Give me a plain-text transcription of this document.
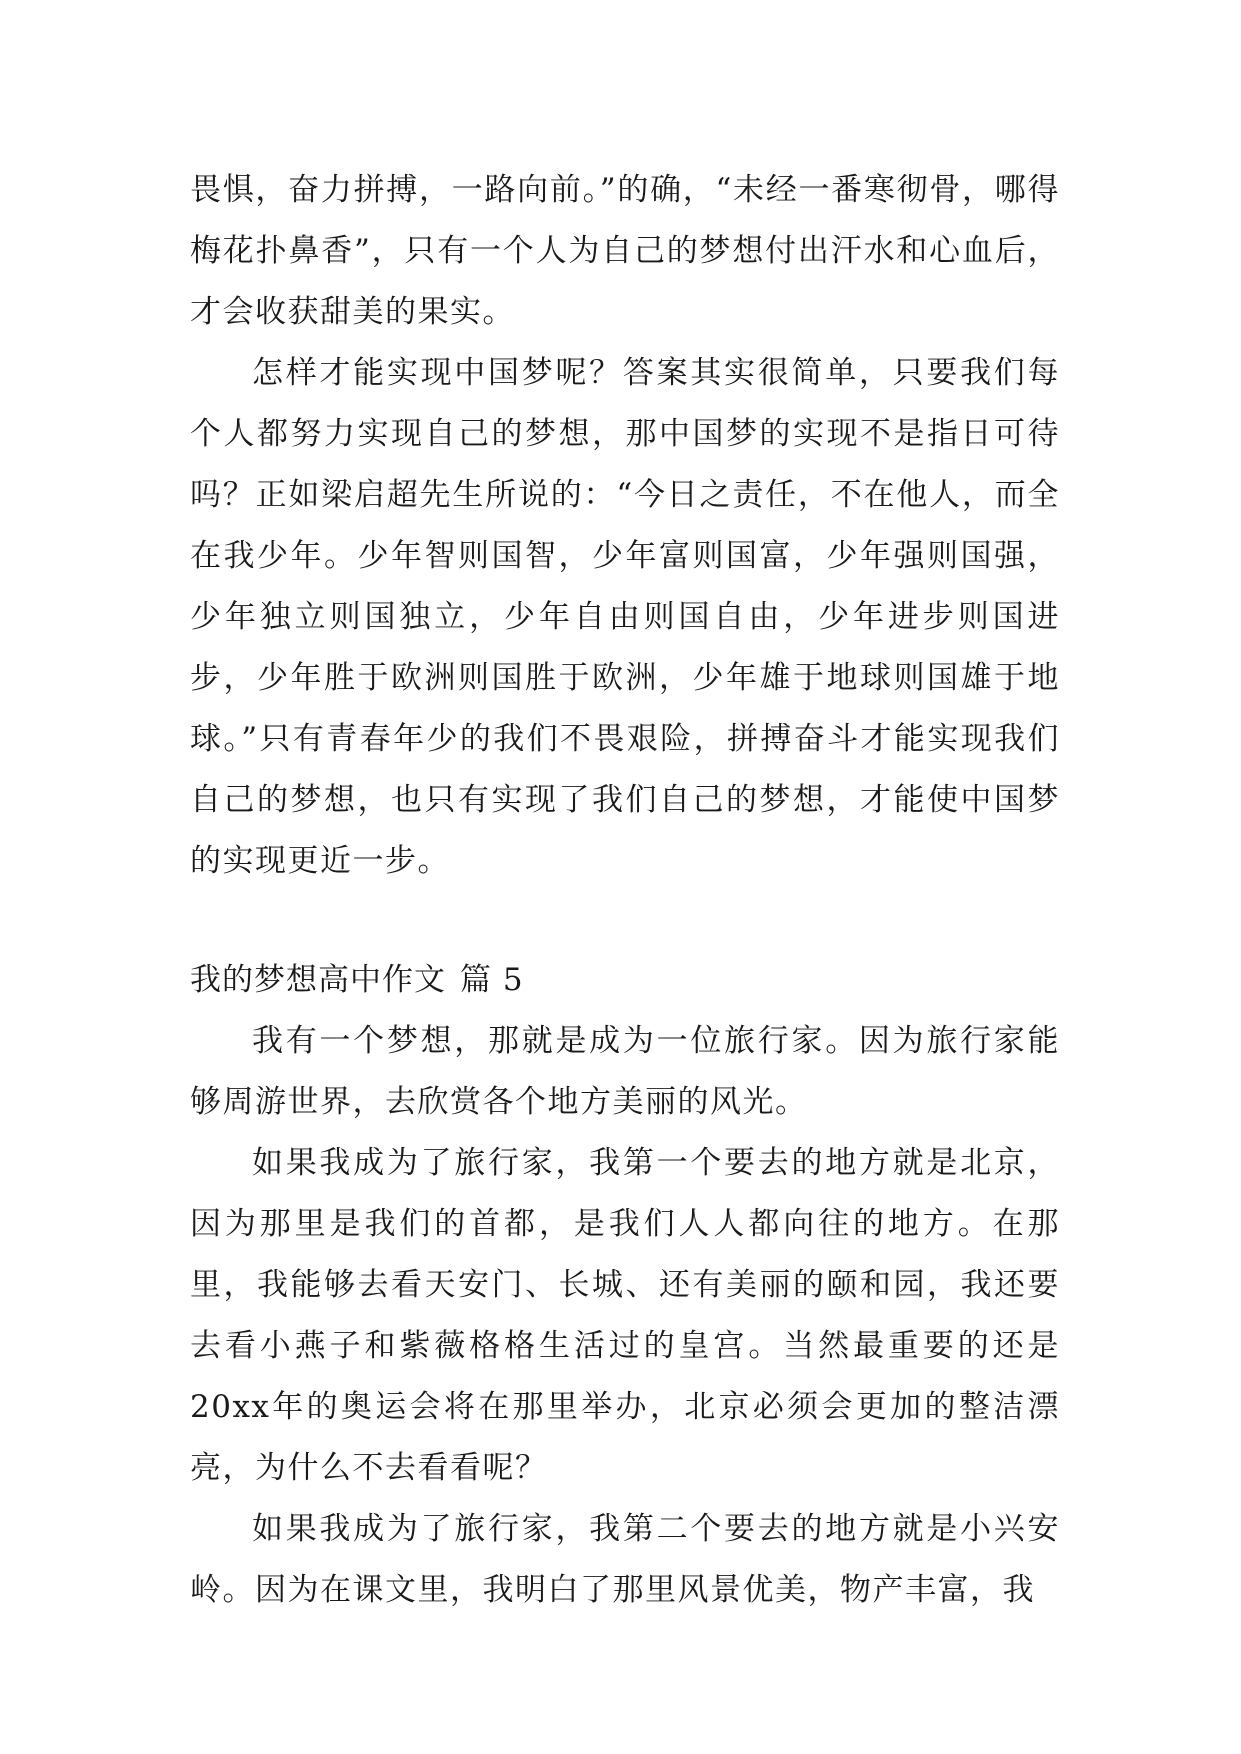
畏惧，奋力拼搏，一路向前。”的确，“未经一番寒彻骨，哪得梅花扑鼻香”，只有一个人为自己的梦想付出汗水和心血后，才会收获甜美的果实。

怎样才能实现中国梦呢？答案其实很简单，只要我们每个人都努力实现自己的梦想，那中国梦的实现不是指日可待吗？正如梁启超先生所说的：“今日之责任，不在他人，而全在我少年。少年智则国智，少年富则国富，少年强则国强，少年独立则国独立，少年自由则国自由，少年进步则国进步，少年胜于欧洲则国胜于欧洲，少年雄于地球则国雄于地球。”只有青春年少的我们不畏艰险，拼搏奋斗才能实现我们自己的梦想，也只有实现了我们自己的梦想，才能使中国梦的实现更近一步。

我的梦想高中作文 篇 5

我有一个梦想，那就是成为一位旅行家。因为旅行家能够周游世界，去欣赏各个地方美丽的风光。

如果我成为了旅行家，我第一个要去的地方就是北京，因为那里是我们的首都，是我们人人都向往的地方。在那里，我能够去看天安门、长城、还有美丽的颐和园，我还要去看小燕子和紫薇格格生活过的皇宫。当然最重要的还是20xx年的奥运会将在那里举办，北京必须会更加的整洁漂亮，为什么不去看看呢？

如果我成为了旅行家，我第二个要去的地方就是小兴安岭。因为在课文里，我明白了那里风景优美，物产丰富，我
